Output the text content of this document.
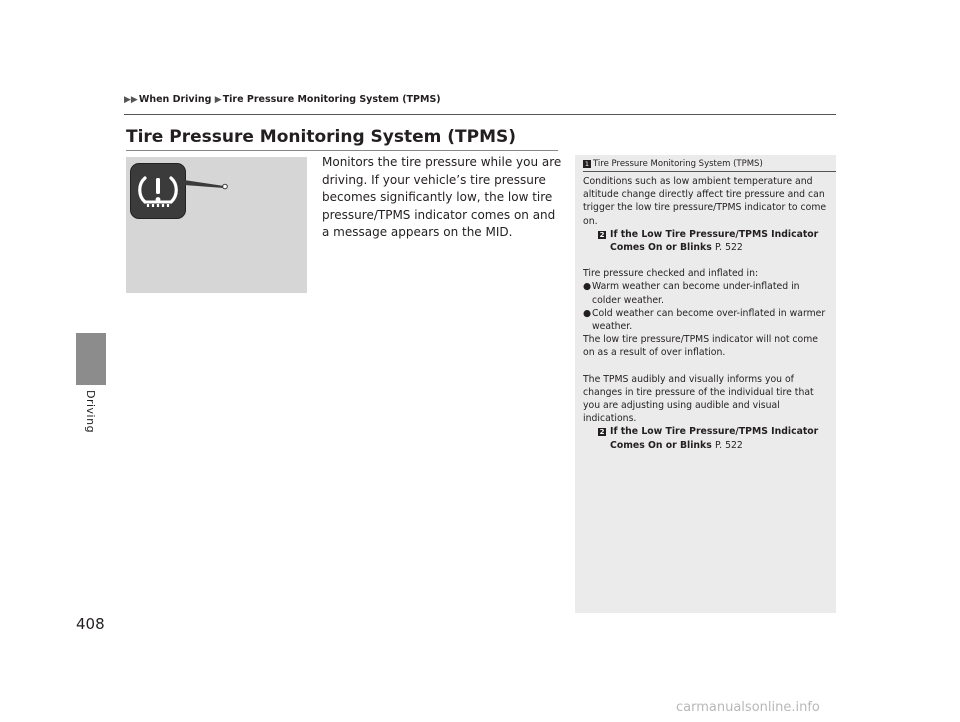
▶▶When Driving ▶Tire Pressure Monitoring System (TPMS)
Driving
408
Tire Pressure Monitoring System (TPMS)

Monitors the tire pressure while you are driving. If your vehicle’s tire pressure becomes significantly low, the low tire pressure/TPMS indicator comes on and a message appears on the MID.

1 Tire Pressure Monitoring System (TPMS)

Conditions such as low ambient temperature and altitude change directly affect tire pressure and can trigger the low tire pressure/TPMS indicator to come on.

2 If the Low Tire Pressure/TPMS Indicator Comes On or Blinks P. 522

Tire pressure checked and inflated in:

●Warm weather can become under-inflated in colder weather.

●Cold weather can become over-inflated in warmer weather.

The low tire pressure/TPMS indicator will not come on as a result of over inflation.

The TPMS audibly and visually informs you of changes in tire pressure of the individual tire that you are adjusting using audible and visual indications.

2 If the Low Tire Pressure/TPMS Indicator Comes On or Blinks P. 522

carmanualsonline.info
